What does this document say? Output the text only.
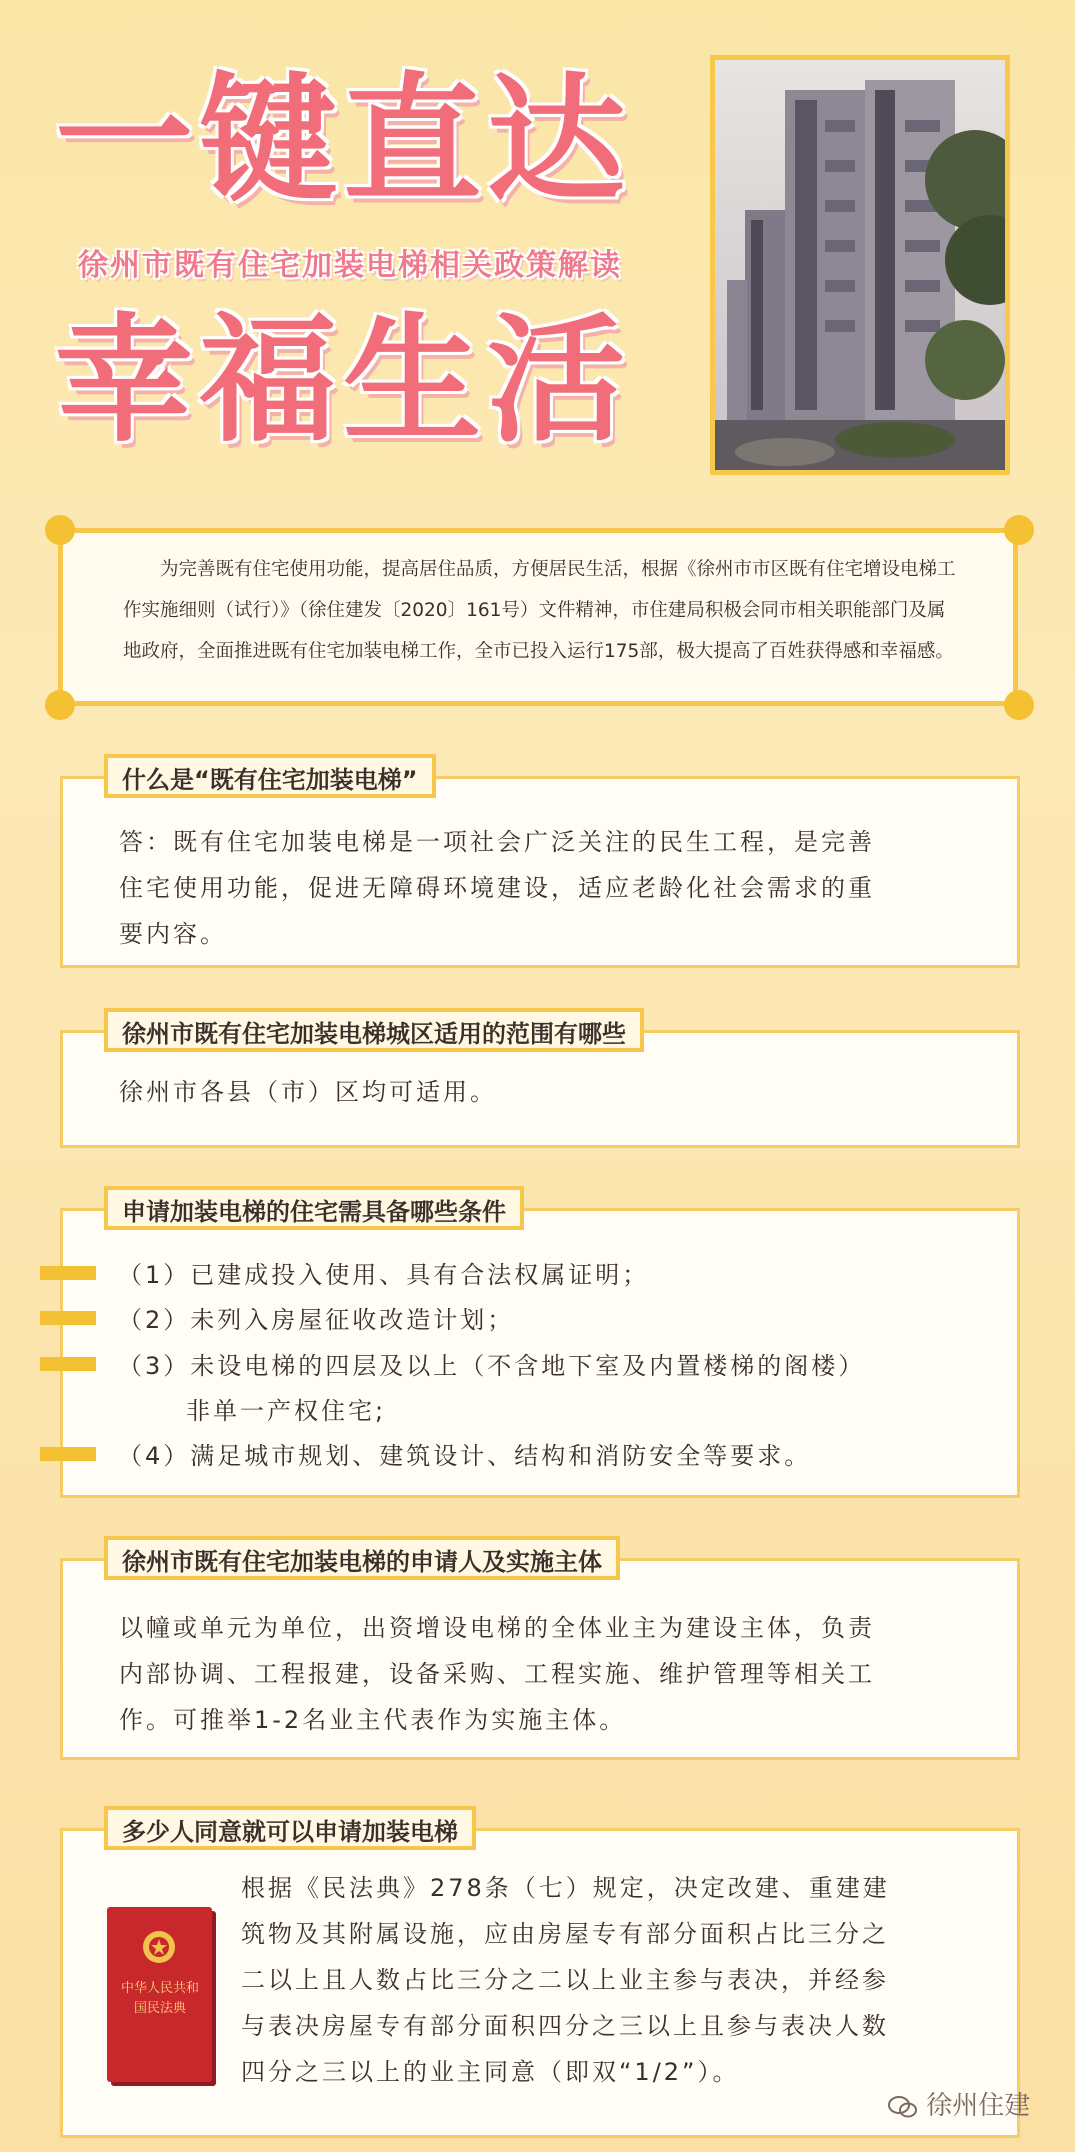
一键直达
徐州市既有住宅加装电梯相关政策解读
幸福生活

为完善既有住宅使用功能，提高居住品质，方便居民生活，根据《徐州市市区既有住宅增设电梯工作实施细则（试行）》（徐住建发〔2020〕161号）文件精神，市住建局积极会同市相关职能部门及属地政府，全面推进既有住宅加装电梯工作，全市已投入运行175部，极大提高了百姓获得感和幸福感。

答：既有住宅加装电梯是一项社会广泛关注的民生工程，是完善
住宅使用功能，促进无障碍环境建设，适应老龄化社会需求的重
要内容。
什么是“既有住宅加装电梯”
徐州市各县（市）区均可适用。
徐州市既有住宅加装电梯城区适用的范围有哪些
申请加装电梯的住宅需具备哪些条件
（1）已建成投入使用、具有合法权属证明；
（2）未列入房屋征收改造计划；
（3）未设电梯的四层及以上（不含地下室及内置楼梯的阁楼）
非单一产权住宅;
（4）满足城市规划、建筑设计、结构和消防安全等要求。
以幢或单元为单位，出资增设电梯的全体业主为建设主体，负责
内部协调、工程报建，设备采购、工程实施、维护管理等相关工
作。可推举1-2名业主代表作为实施主体。
徐州市既有住宅加装电梯的申请人及实施主体
中华人民共和国民法典
根据《民法典》278条（七）规定，决定改建、重建建
筑物及其附属设施，应由房屋专有部分面积占比三分之
二以上且人数占比三分之二以上业主参与表决，并经参
与表决房屋专有部分面积四分之三以上且参与表决人数
四分之三以上的业主同意（即双“1/2”）。
多少人同意就可以申请加装电梯
徐州住建
